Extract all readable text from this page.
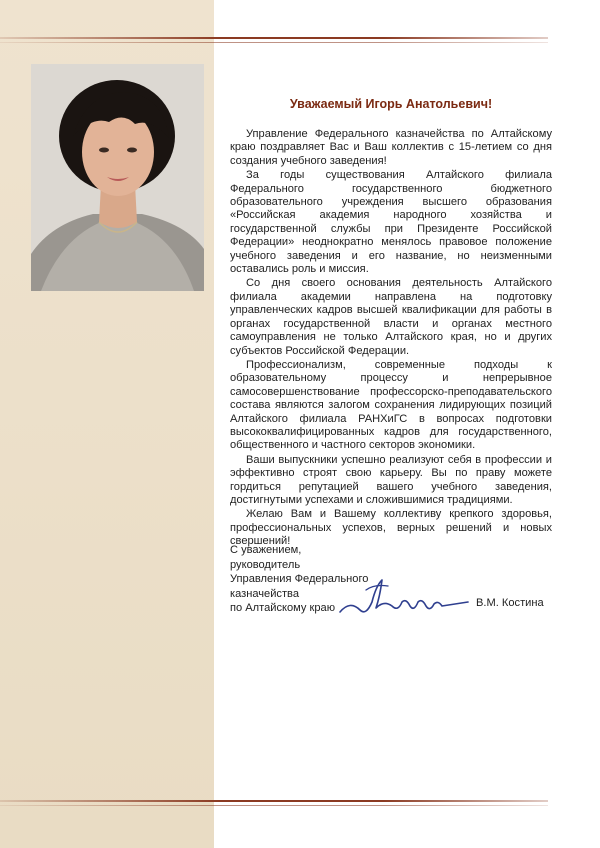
Уважаемый Игорь Анатольевич!

Управление Федерального казначейства по Алтайскому краю поздравляет Вас и Ваш коллектив с 15-летием со дня создания учебного заведения!

За годы существования Алтайского филиала Федерального государственного бюджетного образовательного учреждения высшего образования «Российская академия народного хозяйства и государственной службы при Президенте Российской Федерации» неоднократно менялось правовое положение учебного заведения и его название, но неизменными оставались роль и миссия.

Со дня своего основания деятельность Алтайского филиала академии направлена на подготовку управленческих кадров высшей квалификации для работы в органах государственной власти и органах местного самоуправления не только Алтайского края, но и других субъектов Российской Федерации.

Профессионализм, современные подходы к образовательному процессу и непрерывное самосовершенствование профессорско-преподавательского состава являются залогом сохранения лидирующих позиций Алтайского филиала РАНХиГС в вопросах подготовки высококвалифицированных кадров для государственного, общественного и частного секторов экономики.

Ваши выпускники успешно реализуют себя в профессии и эффективно строят свою карьеру. Вы по праву можете гордиться репутацией вашего учебного заведения, достигнутыми успехами и сложившимися традициями.

Желаю Вам и Вашему коллективу крепкого здоровья, профессиональных успехов, верных решений и новых свершений!

С уважением,
руководитель
Управления Федерального
казначейства
по Алтайскому краю	В.М. Костина
